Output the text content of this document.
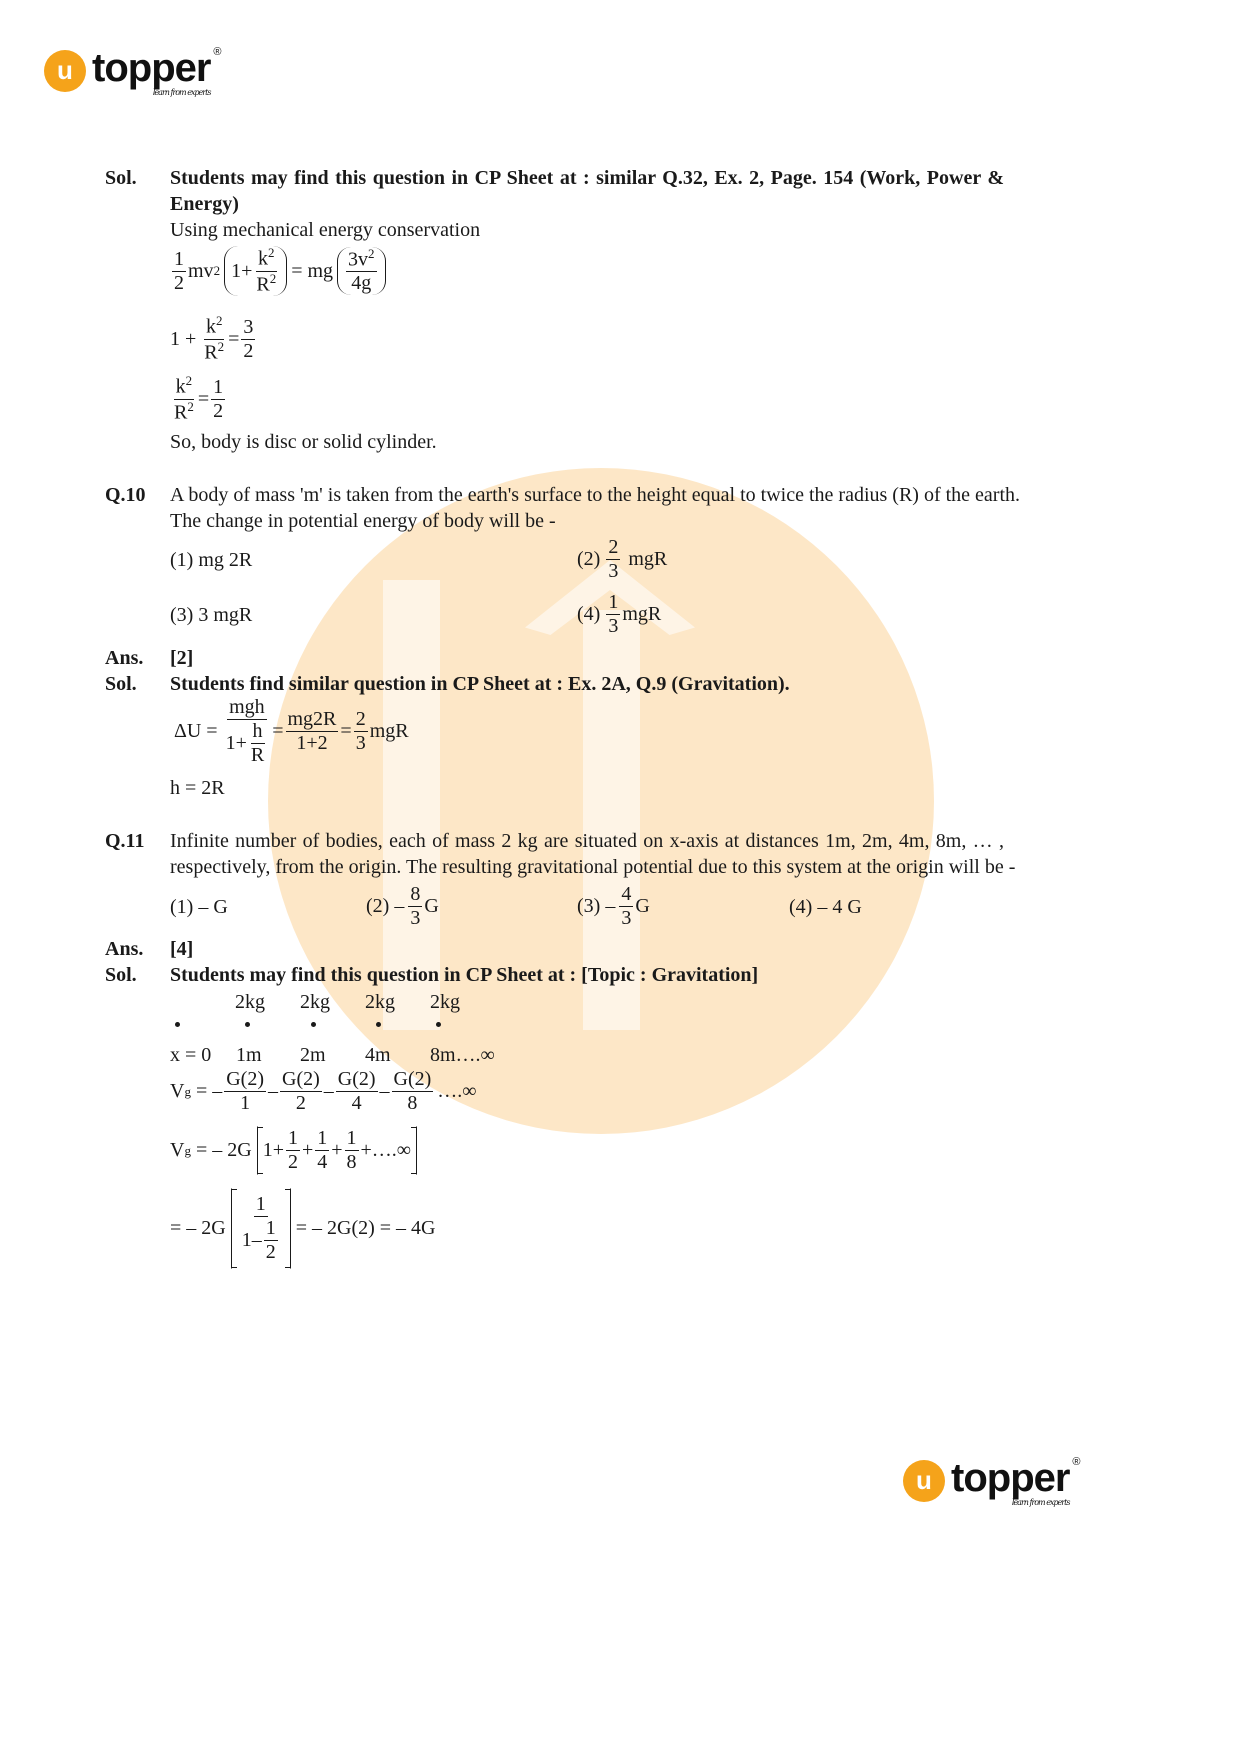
u topper ®
learn from experts
Sol. Students may find this question in CP Sheet at : similar Q.32, Ex. 2, Page. 154 (Work, Power &
Energy)
Using mechanical energy conservation
$\frac{1}{2}$ mv 2 $1+ \frac{k^2}{R^2}$ = mg $\frac{3v^2}{4g}$
$1 + \frac{k^2}{R^2} = \frac{3}{2}$
$\frac{k^2}{R^2} = \frac{1}{2}$
So, body is disc or solid cylinder.
Q.10 A body of mass 'm' is taken from the earth's surface to the height equal to twice the radius (R) of the earth.
The change in potential energy of body will be -
(1) mg 2R	$(2) \frac{2}{3}$ mgR
(3) 3 mgR	$(4) \frac{1}{3}$ mgR
Ans. [2]
Sol. Students find similar question in CP Sheet at : Ex. 2A, Q.9 (Gravitation).
$\Delta U = \frac{\text{mgh}}{1+ \frac{h}{R}} = \frac{mg2R}{1+2} = \frac{2}{3}$ mgR
h = 2R
Q.11 Infinite number of bodies, each of mass 2 kg are situated on x-axis at distances 1m, 2m, 4m, 8m, … ,
respectively, from the origin. The resulting gravitational potential due to this system at the origin will be -
(1) – G	$(2) - \frac{8}{3}$ G	$(3) - \frac{4}{3}$ G	(4) – 4 G
Ans. [4]
Sol. Students may find this question in CP Sheet at : [Topic : Gravitation]
2kg 2kg 2kg 2kg
x = 0 1m 2m 4m 8m….∞
V g = – $\frac{G(2)}{1} - \frac{G(2)}{2} - \frac{G(2)}{4} - \frac{G(2)}{8}$ ….∞
V g = – 2G $1+ \frac{1}{2} + \frac{1}{4} + \frac{1}{8}$ +….∞
= – $2G \frac{1}{1- \frac{1}{2}}$ = – 2G(2) = – 4G
u topper ®
learn from experts
